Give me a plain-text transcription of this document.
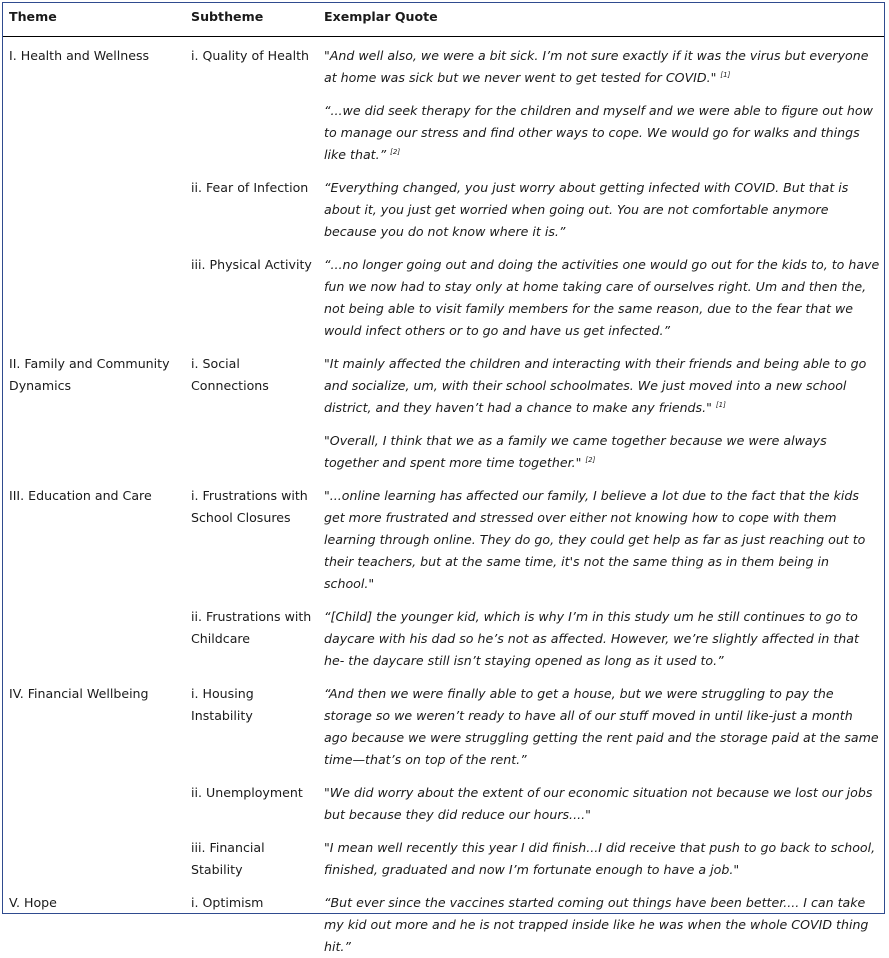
Theme	Subtheme	Exemplar Quote

I. Health and Wellness	i. Quality of Health	"And well also, we were a bit sick. I’m not sure exactly if it was the virus but everyone at home was sick but we never went to get tested for COVID." [1]

		“...we did seek therapy for the children and myself and we were able to figure out how to manage our stress and find other ways to cope. We would go for walks and things like that.” [2]

	ii. Fear of Infection	“Everything changed, you just worry about getting infected with COVID. But that is about it, you just get worried when going out. You are not comfortable anymore because you do not know where it is.”

	iii. Physical Activity	“...no longer going out and doing the activities one would go out for the kids to, to have fun we now had to stay only at home taking care of ourselves right. Um and then the, not being able to visit family members for the same reason, due to the fear that we would infect others or to go and have us get infected.”

II. Family and Community Dynamics	i. Social Connections	"It mainly affected the children and interacting with their friends and being able to go and socialize, um, with their school schoolmates. We just moved into a new school district, and they haven’t had a chance to make any friends." [1]

		"Overall, I think that we as a family we came together because we were always together and spent more time together." [2]

III. Education and Care	i. Frustrations with School Closures	"...online learning has affected our family, I believe a lot due to the fact that the kids get more frustrated and stressed over either not knowing how to cope with them learning through online. They do go, they could get help as far as just reaching out to their teachers, but at the same time, it's not the same thing as in them being in school."

	ii. Frustrations with Childcare	“[Child] the younger kid, which is why I’m in this study um he still continues to go to daycare with his dad so he’s not as affected. However, we’re slightly affected in that he- the daycare still isn’t staying opened as long as it used to.”

IV. Financial Wellbeing	i. Housing Instability	“And then we were finally able to get a house, but we were struggling to pay the storage so we weren’t ready to have all of our stuff moved in until like-just a month ago because we were struggling getting the rent paid and the storage paid at the same time—that’s on top of the rent.”

	ii. Unemployment	"We did worry about the extent of our economic situation not because we lost our jobs but because they did reduce our hours...."

	iii. Financial Stability	"I mean well recently this year I did finish...I did receive that push to go back to school, finished, graduated and now I’m fortunate enough to have a job."

V. Hope	i. Optimism	“But ever since the vaccines started coming out things have been better.... I can take my kid out more and he is not trapped inside like he was when the whole COVID thing hit.”
